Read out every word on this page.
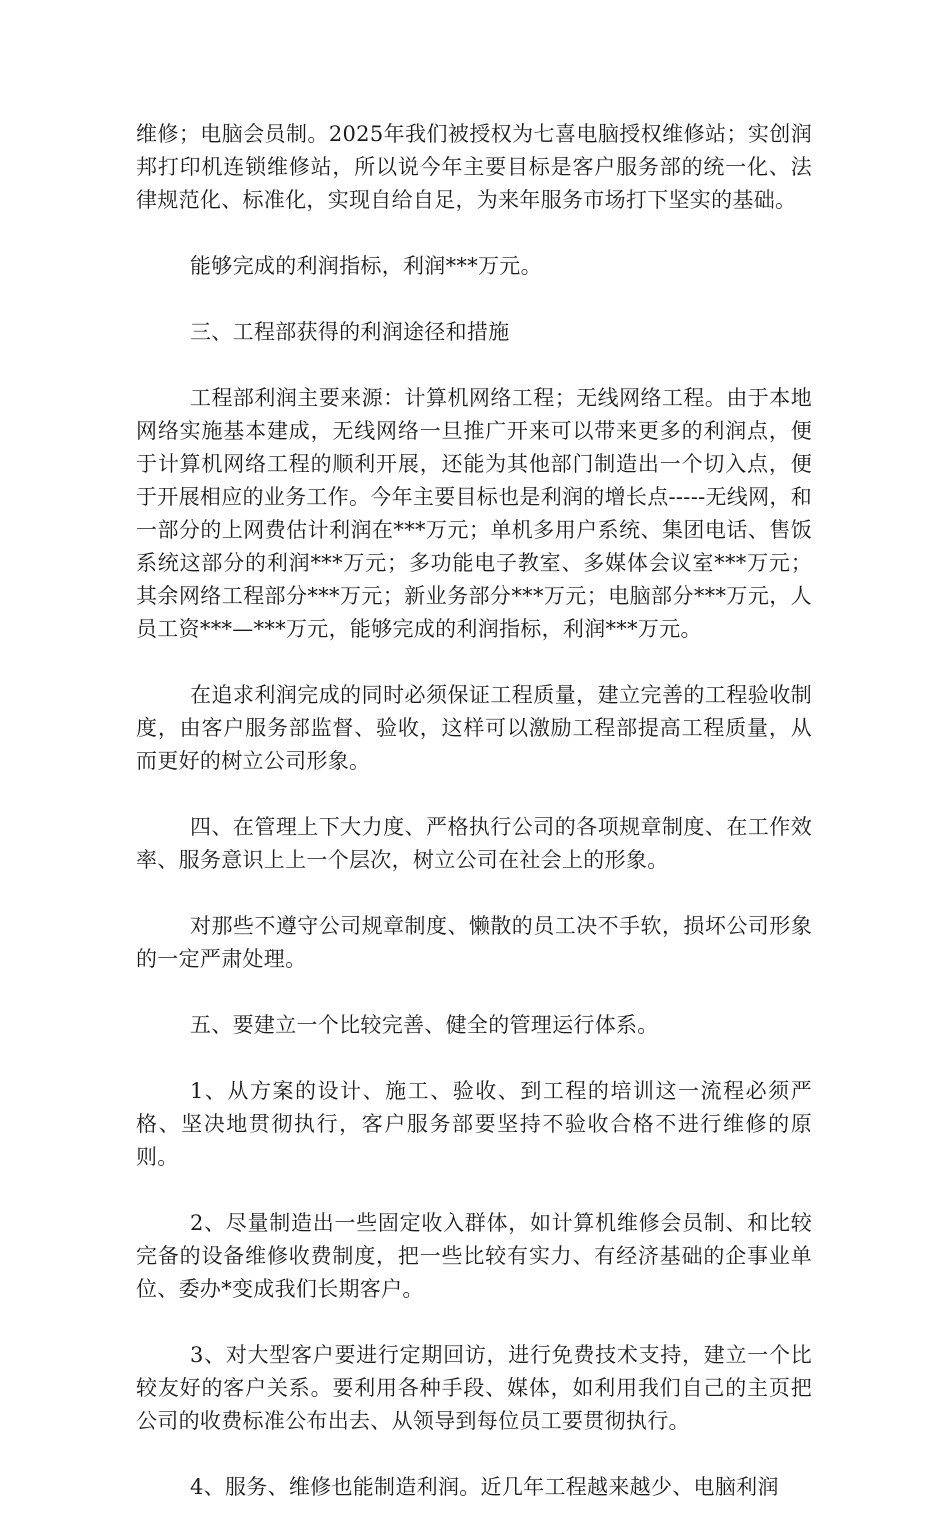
维修；电脑会员制。2025年我们被授权为七喜电脑授权维修站；实创润邦打印机连锁维修站，所以说今年主要目标是客户服务部的统一化、法律规范化、标准化，实现自给自足，为来年服务市场打下坚实的基础。

能够完成的利润指标，利润***万元。

三、工程部获得的利润途径和措施

工程部利润主要来源：计算机网络工程；无线网络工程。由于本地网络实施基本建成，无线网络一旦推广开来可以带来更多的利润点，便于计算机网络工程的顺利开展，还能为其他部门制造出一个切入点，便于开展相应的业务工作。今年主要目标也是利润的增长点-----无线网，和一部分的上网费估计利润在***万元；单机多用户系统、集团电话、售饭系统这部分的利润***万元；多功能电子教室、多媒体会议室***万元；其余网络工程部分***万元；新业务部分***万元；电脑部分***万元，人员工资***—***万元，能够完成的利润指标，利润***万元。

在追求利润完成的同时必须保证工程质量，建立完善的工程验收制度，由客户服务部监督、验收，这样可以激励工程部提高工程质量，从而更好的树立公司形象。

四、在管理上下大力度、严格执行公司的各项规章制度、在工作效率、服务意识上上一个层次，树立公司在社会上的形象。

对那些不遵守公司规章制度、懒散的员工决不手软，损坏公司形象的一定严肃处理。

五、要建立一个比较完善、健全的管理运行体系。

1、从方案的设计、施工、验收、到工程的培训这一流程必须严格、坚决地贯彻执行，客户服务部要坚持不验收合格不进行维修的原则。

2、尽量制造出一些固定收入群体，如计算机维修会员制、和比较完备的设备维修收费制度，把一些比较有实力、有经济基础的企事业单位、委办*变成我们长期客户。

3、对大型客户要进行定期回访，进行免费技术支持，建立一个比较友好的客户关系。要利用各种手段、媒体，如利用我们自己的主页把公司的收费标准公布出去、从领导到每位员工要贯彻执行。

4、服务、维修也能制造利润。近几年工程越来越少、电脑利润
